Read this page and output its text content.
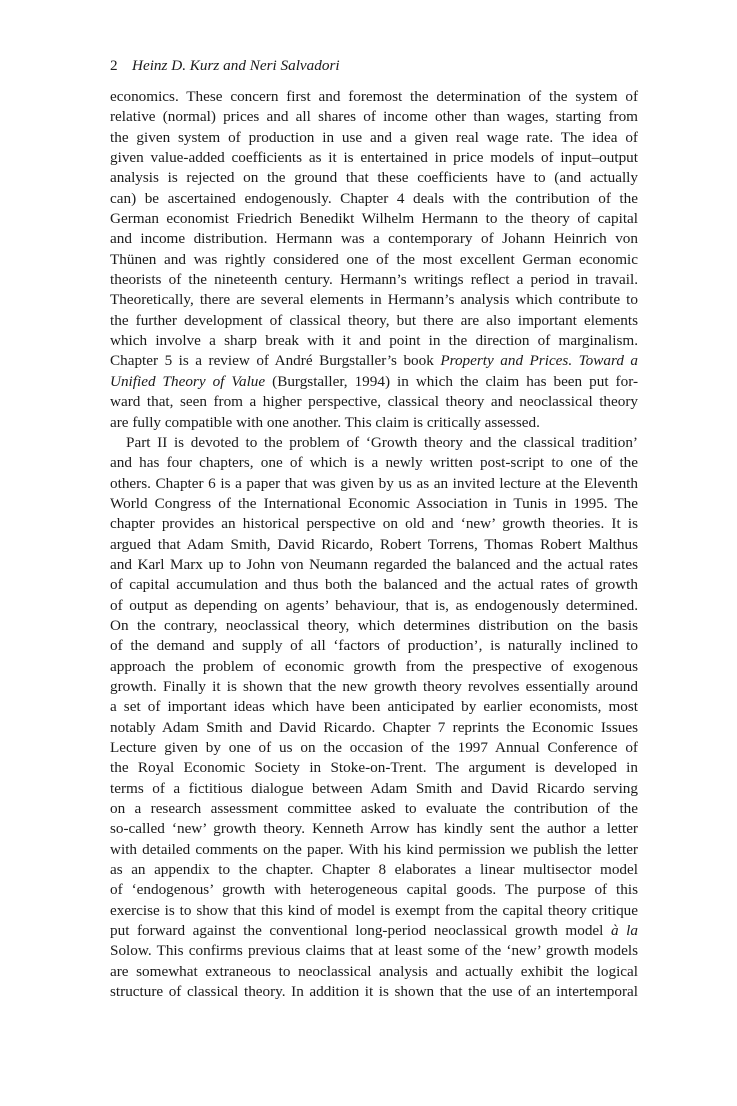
2 Heinz D. Kurz and Neri Salvadori
economics. These concern first and foremost the determination of the system of
relative (normal) prices and all shares of income other than wages, starting from
the given system of production in use and a given real wage rate. The idea of
given value-added coefficients as it is entertained in price models of input–output
analysis is rejected on the ground that these coefficients have to (and actually
can) be ascertained endogenously. Chapter 4 deals with the contribution of the
German economist Friedrich Benedikt Wilhelm Hermann to the theory of capital
and income distribution. Hermann was a contemporary of Johann Heinrich von
Thünen and was rightly considered one of the most excellent German economic
theorists of the nineteenth century. Hermann’s writings reflect a period in travail.
Theoretically, there are several elements in Hermann’s analysis which contribute to
the further development of classical theory, but there are also important elements
which involve a sharp break with it and point in the direction of marginalism.
Chapter 5 is a review of André Burgstaller’s book Property and Prices. Toward a
Unified Theory of Value (Burgstaller, 1994) in which the claim has been put for-
ward that, seen from a higher perspective, classical theory and neoclassical theory
are fully compatible with one another. This claim is critically assessed.
Part II is devoted to the problem of ‘Growth theory and the classical tradition’
and has four chapters, one of which is a newly written post-script to one of the
others. Chapter 6 is a paper that was given by us as an invited lecture at the Eleventh
World Congress of the International Economic Association in Tunis in 1995. The
chapter provides an historical perspective on old and ‘new’ growth theories. It is
argued that Adam Smith, David Ricardo, Robert Torrens, Thomas Robert Malthus
and Karl Marx up to John von Neumann regarded the balanced and the actual rates
of capital accumulation and thus both the balanced and the actual rates of growth
of output as depending on agents’ behaviour, that is, as endogenously determined.
On the contrary, neoclassical theory, which determines distribution on the basis
of the demand and supply of all ‘factors of production’, is naturally inclined to
approach the problem of economic growth from the prespective of exogenous
growth. Finally it is shown that the new growth theory revolves essentially around
a set of important ideas which have been anticipated by earlier economists, most
notably Adam Smith and David Ricardo. Chapter 7 reprints the Economic Issues
Lecture given by one of us on the occasion of the 1997 Annual Conference of
the Royal Economic Society in Stoke-on-Trent. The argument is developed in
terms of a fictitious dialogue between Adam Smith and David Ricardo serving
on a research assessment committee asked to evaluate the contribution of the
so-called ‘new’ growth theory. Kenneth Arrow has kindly sent the author a letter
with detailed comments on the paper. With his kind permission we publish the letter
as an appendix to the chapter. Chapter 8 elaborates a linear multisector model
of ‘endogenous’ growth with heterogeneous capital goods. The purpose of this
exercise is to show that this kind of model is exempt from the capital theory critique
put forward against the conventional long-period neoclassical growth model à la
Solow. This confirms previous claims that at least some of the ‘new’ growth models
are somewhat extraneous to neoclassical analysis and actually exhibit the logical
structure of classical theory. In addition it is shown that the use of an intertemporal
